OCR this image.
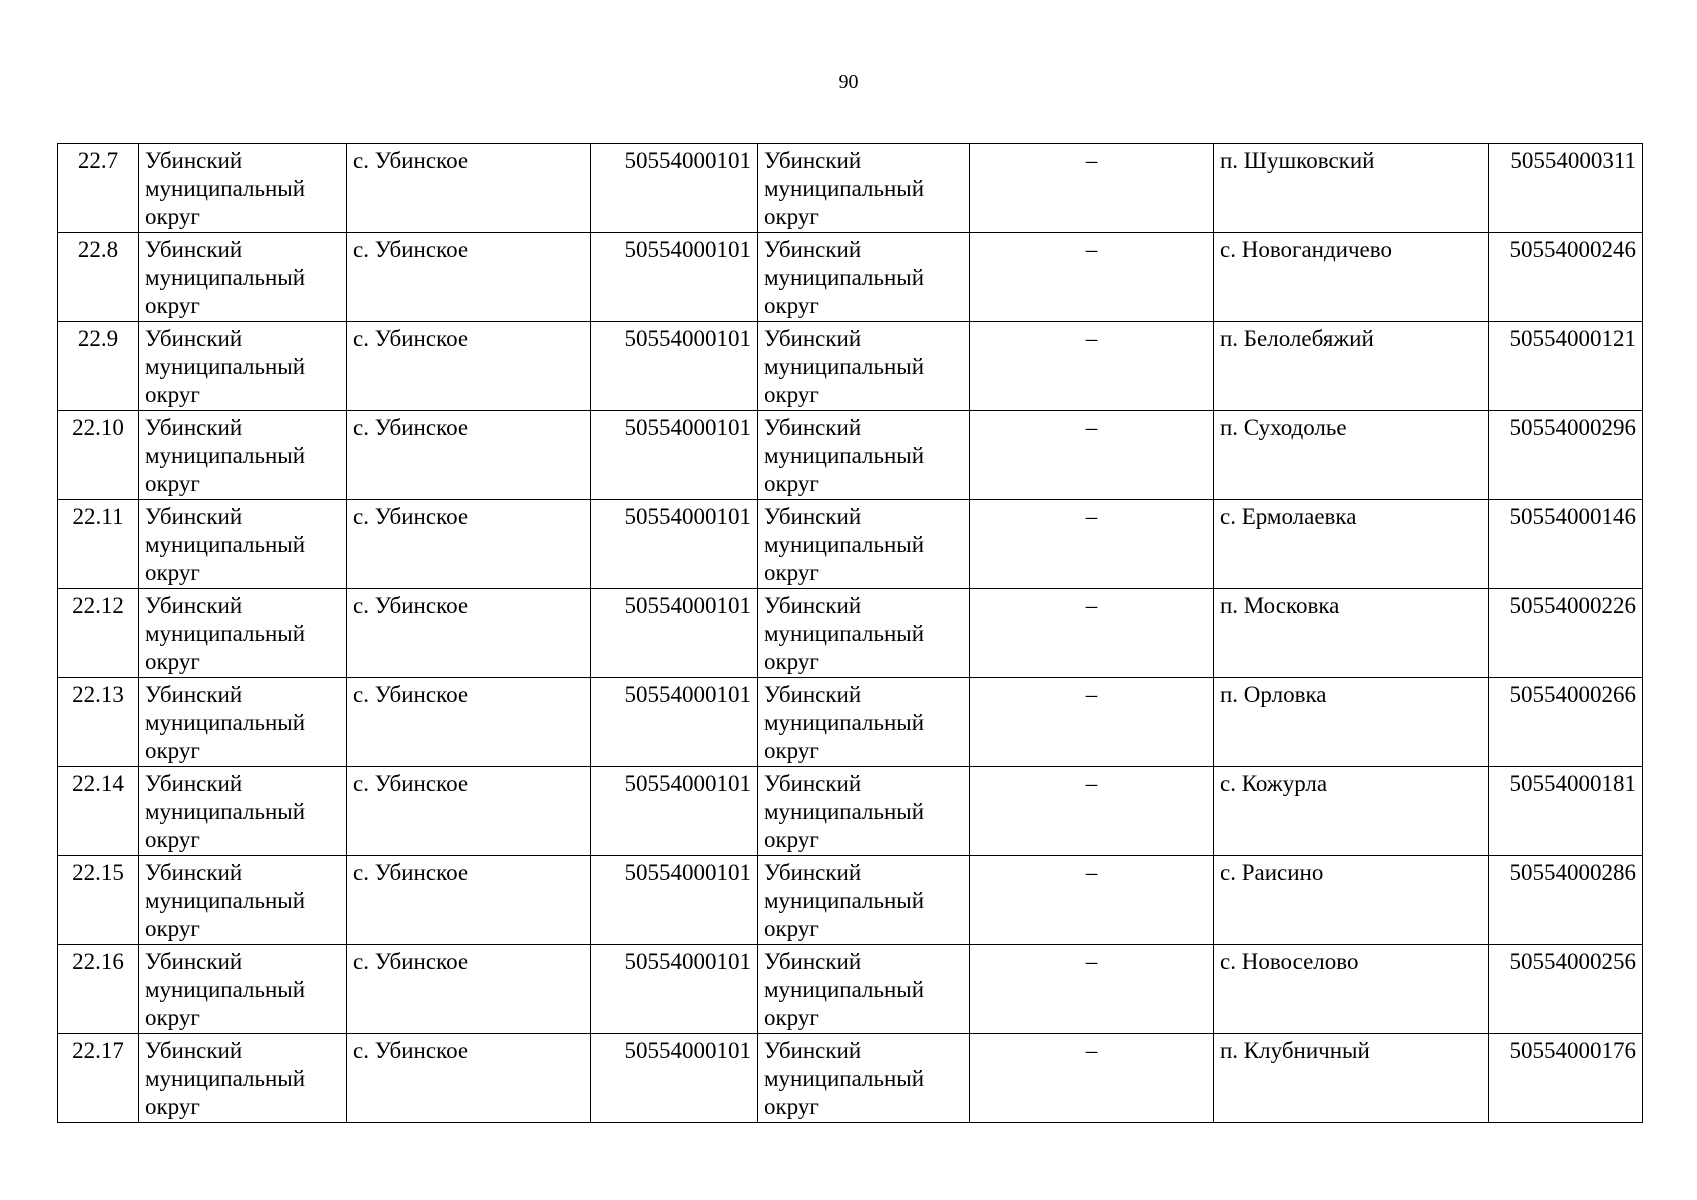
90
22.7	Убинский муниципальный округ	с. Убинское	50554000101	Убинский муниципальный округ	–	п. Шушковский	50554000311
22.8	Убинский муниципальный округ	с. Убинское	50554000101	Убинский муниципальный округ	–	с. Новогандичево	50554000246
22.9	Убинский муниципальный округ	с. Убинское	50554000101	Убинский муниципальный округ	–	п. Белолебяжий	50554000121
22.10	Убинский муниципальный округ	с. Убинское	50554000101	Убинский муниципальный округ	–	п. Суходолье	50554000296
22.11	Убинский муниципальный округ	с. Убинское	50554000101	Убинский муниципальный округ	–	с. Ермолаевка	50554000146
22.12	Убинский муниципальный округ	с. Убинское	50554000101	Убинский муниципальный округ	–	п. Московка	50554000226
22.13	Убинский муниципальный округ	с. Убинское	50554000101	Убинский муниципальный округ	–	п. Орловка	50554000266
22.14	Убинский муниципальный округ	с. Убинское	50554000101	Убинский муниципальный округ	–	с. Кожурла	50554000181
22.15	Убинский муниципальный округ	с. Убинское	50554000101	Убинский муниципальный округ	–	с. Раисино	50554000286
22.16	Убинский муниципальный округ	с. Убинское	50554000101	Убинский муниципальный округ	–	с. Новоселово	50554000256
22.17	Убинский муниципальный округ	с. Убинское	50554000101	Убинский муниципальный округ	–	п. Клубничный	50554000176
